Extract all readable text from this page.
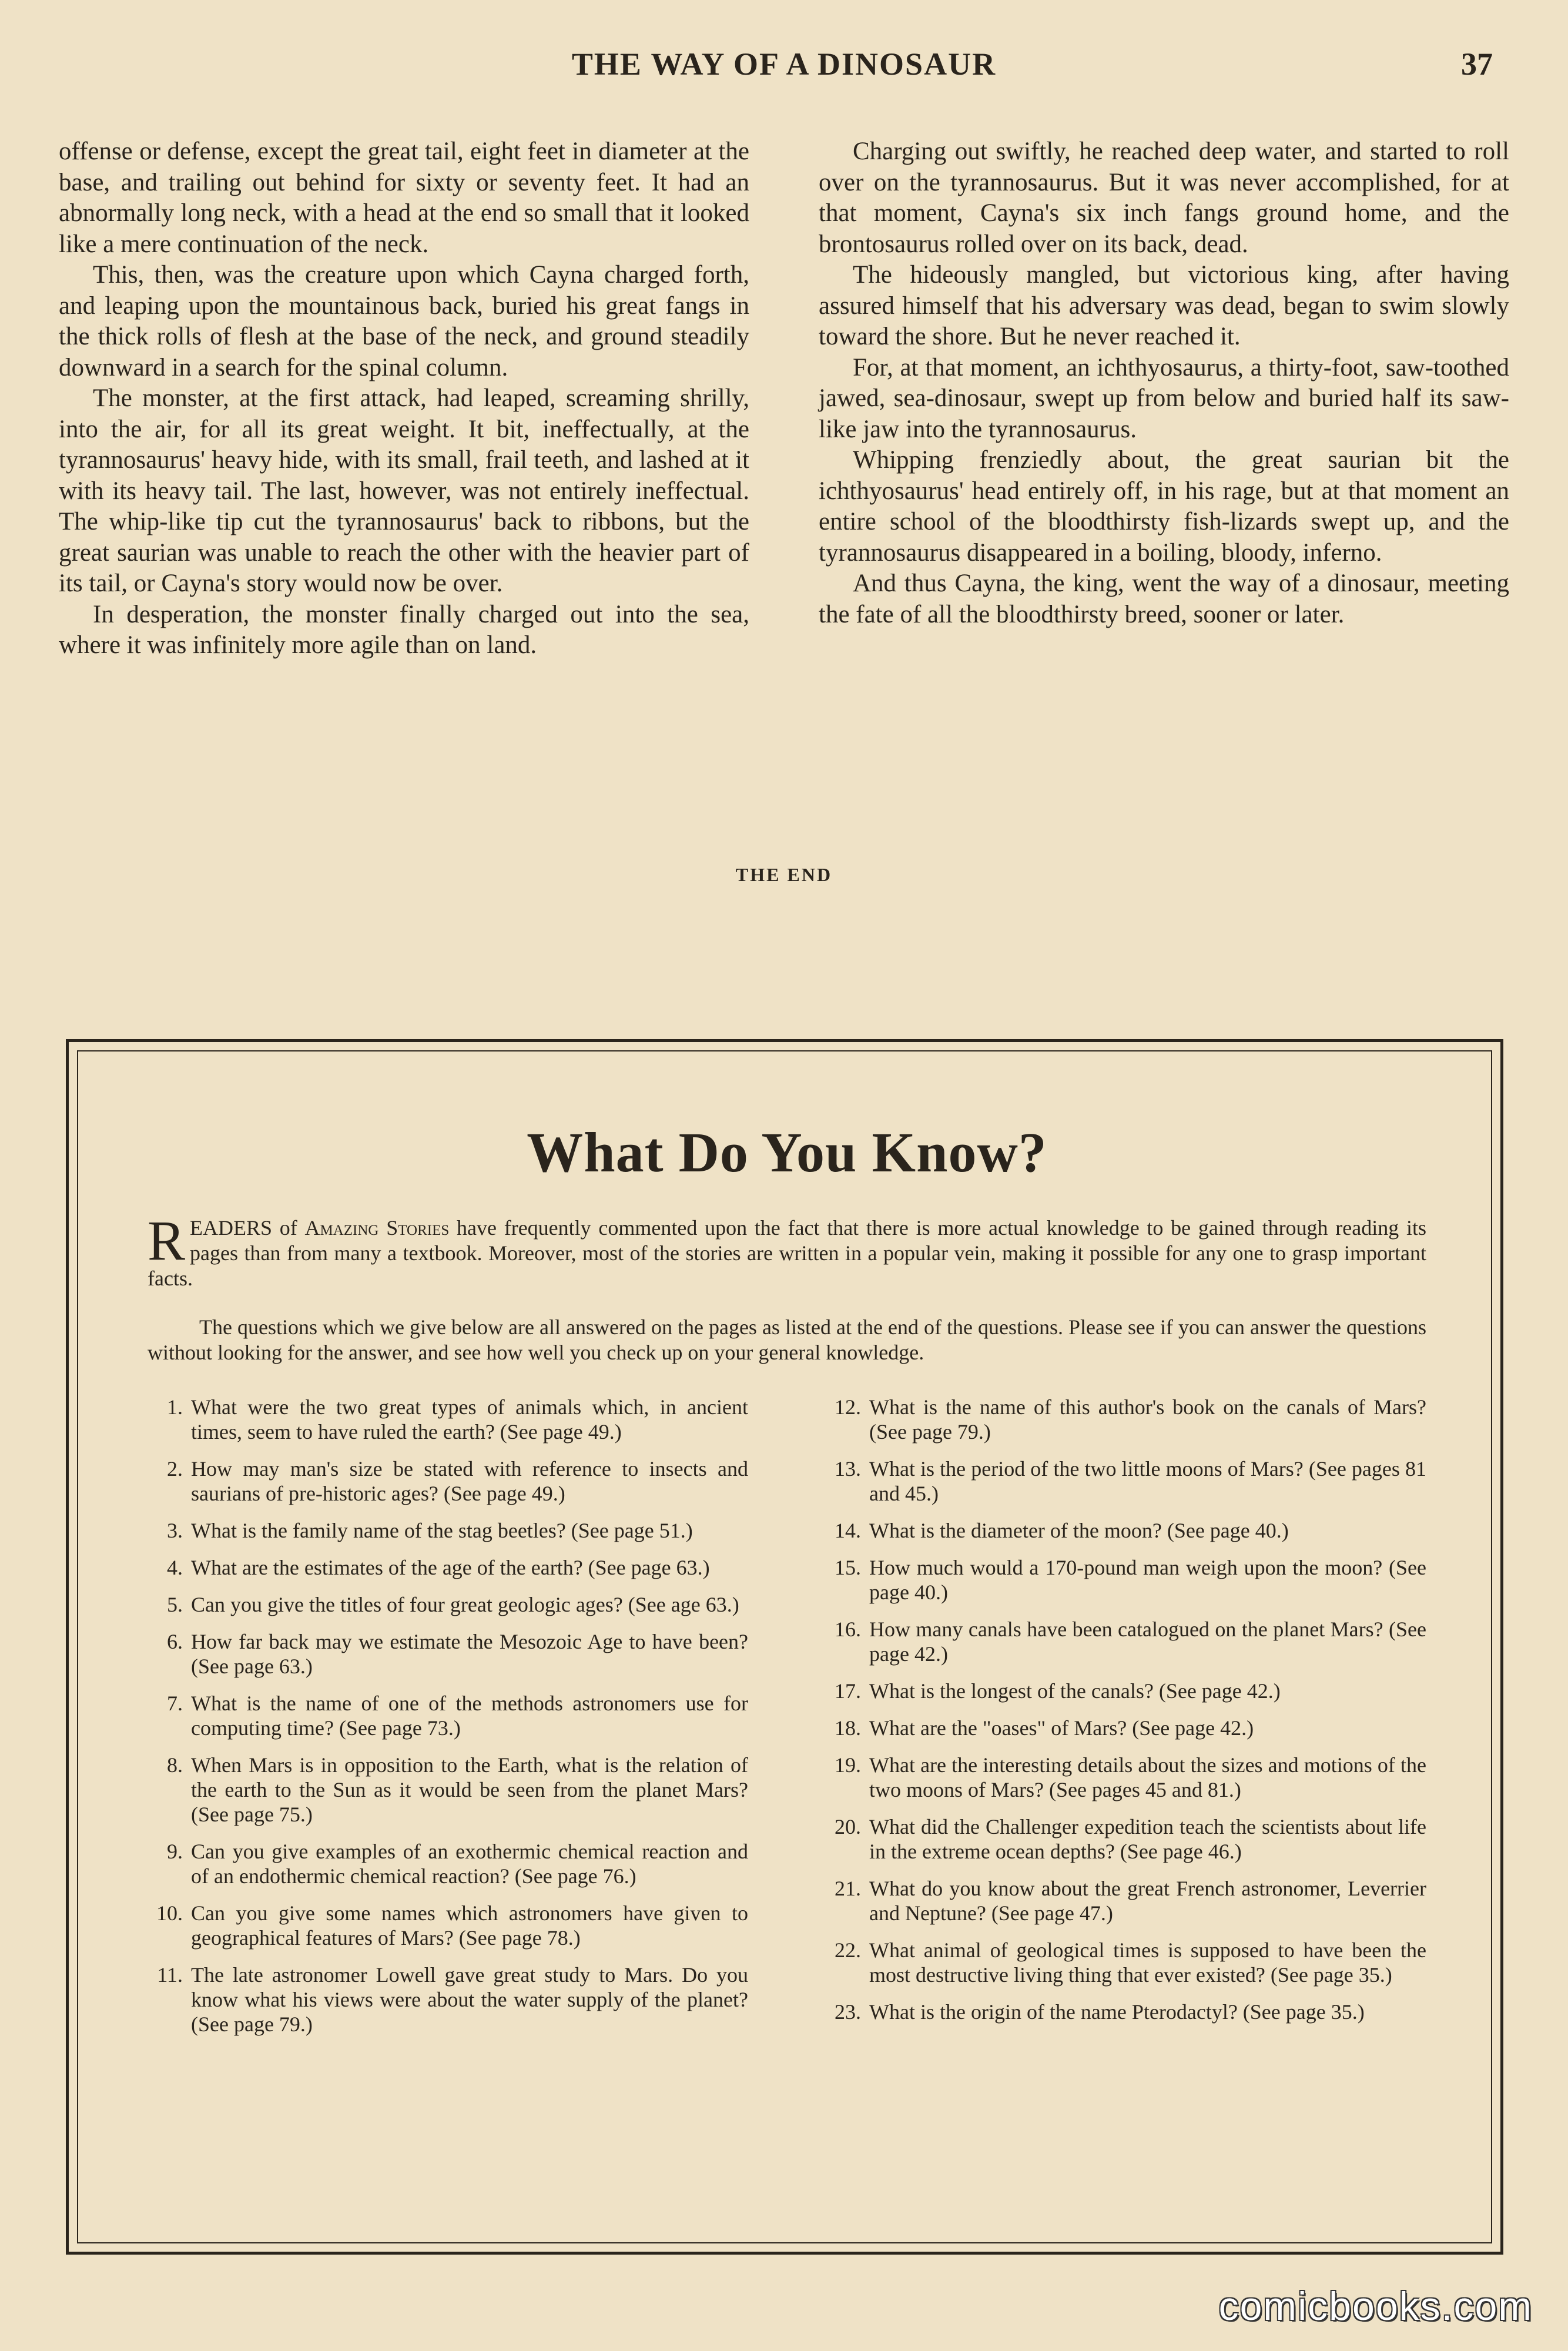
THE WAY OF A DINOSAUR	37

offense or defense, except the great tail, eight feet in diameter at the base, and trailing out behind for sixty or seventy feet. It had an abnormally long neck, with a head at the end so small that it looked like a mere continuation of the neck.

This, then, was the creature upon which Cayna charged forth, and leaping upon the mountainous back, buried his great fangs in the thick rolls of flesh at the base of the neck, and ground steadily downward in a search for the spinal column.

The monster, at the first attack, had leaped, screaming shrilly, into the air, for all its great weight. It bit, ineffectually, at the tyrannosaurus' heavy hide, with its small, frail teeth, and lashed at it with its heavy tail. The last, however, was not entirely ineffectual. The whip-like tip cut the tyrannosaurus' back to ribbons, but the great saurian was unable to reach the other with the heavier part of its tail, or Cayna's story would now be over.

In desperation, the monster finally charged out into the sea, where it was infinitely more agile than on land.

Charging out swiftly, he reached deep water, and started to roll over on the tyrannosaurus. But it was never accomplished, for at that moment, Cayna's six inch fangs ground home, and the brontosaurus rolled over on its back, dead.

The hideously mangled, but victorious king, after having assured himself that his adversary was dead, began to swim slowly toward the shore. But he never reached it.

For, at that moment, an ichthyosaurus, a thirty-foot, saw-toothed jawed, sea-dinosaur, swept up from below and buried half its saw-like jaw into the tyrannosaurus.

Whipping frenziedly about, the great saurian bit the ichthyosaurus' head entirely off, in his rage, but at that moment an entire school of the bloodthirsty fish-lizards swept up, and the tyrannosaurus disappeared in a boiling, bloody, inferno.

And thus Cayna, the king, went the way of a dinosaur, meeting the fate of all the bloodthirsty breed, sooner or later.

THE END
What Do You Know?

READERS of Amazing Stories have frequently commented upon the fact that there is more actual knowledge to be gained through reading its pages than from many a textbook. Moreover, most of the stories are written in a popular vein, making it possible for any one to grasp important facts.

The questions which we give below are all answered on the pages as listed at the end of the questions. Please see if you can answer the questions without looking for the answer, and see how well you check up on your general knowledge.

1. What were the two great types of animals which, in ancient times, seem to have ruled the earth? (See page 49.)
2. How may man's size be stated with reference to insects and saurians of pre-historic ages? (See page 49.)
3. What is the family name of the stag beetles? (See page 51.)
4. What are the estimates of the age of the earth? (See page 63.)
5. Can you give the titles of four great geologic ages? (See age 63.)
6. How far back may we estimate the Mesozoic Age to have been? (See page 63.)
7. What is the name of one of the methods astronomers use for computing time? (See page 73.)
8. When Mars is in opposition to the Earth, what is the relation of the earth to the Sun as it would be seen from the planet Mars? (See page 75.)
9. Can you give examples of an exothermic chemical reaction and of an endothermic chemical reaction? (See page 76.)
10. Can you give some names which astronomers have given to geographical features of Mars? (See page 78.)
11. The late astronomer Lowell gave great study to Mars. Do you know what his views were about the water supply of the planet? (See page 79.)
12. What is the name of this author's book on the canals of Mars? (See page 79.)
13. What is the period of the two little moons of Mars? (See pages 81 and 45.)
14. What is the diameter of the moon? (See page 40.)
15. How much would a 170-pound man weigh upon the moon? (See page 40.)
16. How many canals have been catalogued on the planet Mars? (See page 42.)
17. What is the longest of the canals? (See page 42.)
18. What are the "oases" of Mars? (See page 42.)
19. What are the interesting details about the sizes and motions of the two moons of Mars? (See pages 45 and 81.)
20. What did the Challenger expedition teach the scientists about life in the extreme ocean depths? (See page 46.)
21. What do you know about the great French astronomer, Leverrier and Neptune? (See page 47.)
22. What animal of geological times is supposed to have been the most destructive living thing that ever existed? (See page 35.)
23. What is the origin of the name Pterodactyl? (See page 35.)
comicbooks.com
